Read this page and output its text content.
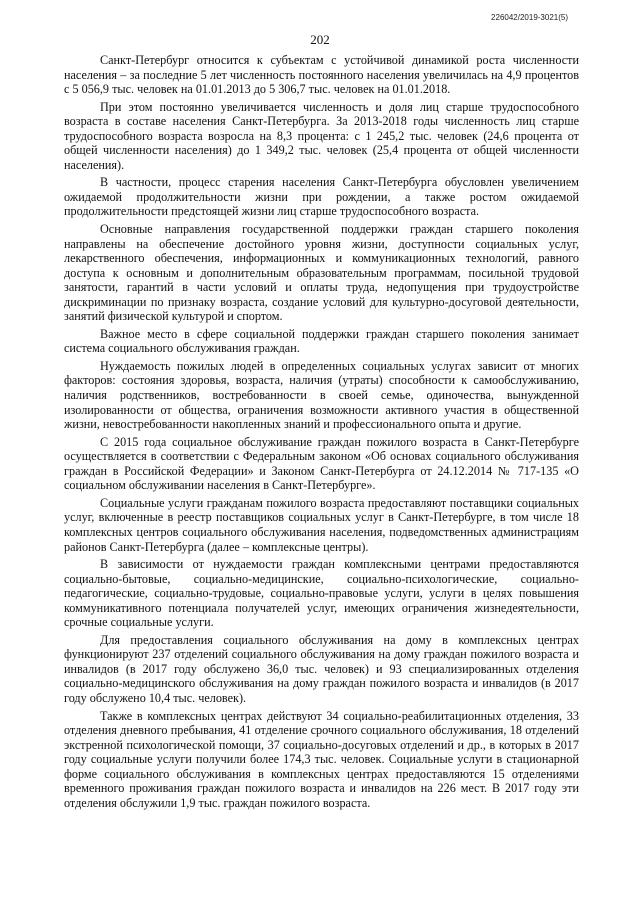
226042/2019-3021(5)
202

Санкт-Петербург относится к субъектам с устойчивой динамикой роста численности населения – за последние 5 лет численность постоянного населения увеличилась на 4,9 процентов с 5 056,9 тыс. человек на 01.01.2013 до 5 306,7 тыс. человек на 01.01.2018.

При этом постоянно увеличивается численность и доля лиц старше трудоспособного возраста в составе населения Санкт-Петербурга. За 2013-2018 годы численность лиц старше трудоспособного возраста возросла на 8,3 процента: с 1 245,2 тыс. человек (24,6 процента от общей численности населения) до 1 349,2 тыс. человек (25,4 процента от общей численности населения).

В частности, процесс старения населения Санкт-Петербурга обусловлен увеличением ожидаемой продолжительности жизни при рождении, а также ростом ожидаемой продолжительности предстоящей жизни лиц старше трудоспособного возраста.

Основные направления государственной поддержки граждан старшего поколения направлены на обеспечение достойного уровня жизни, доступности социальных услуг, лекарственного обеспечения, информационных и коммуникационных технологий, равного доступа к основным и дополнительным образовательным программам, посильной трудовой занятости, гарантий в части условий и оплаты труда, недопущения при трудоустройстве дискриминации по признаку возраста, создание условий для культурно-досуговой деятельности, занятий физической культурой и спортом.

Важное место в сфере социальной поддержки граждан старшего поколения занимает система социального обслуживания граждан.

Нуждаемость пожилых людей в определенных социальных услугах зависит от многих факторов: состояния здоровья, возраста, наличия (утраты) способности к самообслуживанию, наличия родственников, востребованности в своей семье, одиночества, вынужденной изолированности от общества, ограничения возможности активного участия в общественной жизни, невостребованности накопленных знаний и профессионального опыта и другие.

С 2015 года социальное обслуживание граждан пожилого возраста в Санкт-Петербурге осуществляется в соответствии с Федеральным законом «Об основах социального обслуживания граждан в Российской Федерации» и Законом Санкт-Петербурга от 24.12.2014 № 717-135 «О социальном обслуживании населения в Санкт-Петербурге».

Социальные услуги гражданам пожилого возраста предоставляют поставщики социальных услуг, включенные в реестр поставщиков социальных услуг в Санкт-Петербурге, в том числе 18 комплексных центров социального обслуживания населения, подведомственных администрациям районов Санкт-Петербурга (далее – комплексные центры).

В зависимости от нуждаемости граждан комплексными центрами предоставляются социально-бытовые, социально-медицинские, социально-психологические, социально-педагогические, социально-трудовые, социально-правовые услуги, услуги в целях повышения коммуникативного потенциала получателей услуг, имеющих ограничения жизнедеятельности, срочные социальные услуги.

Для предоставления социального обслуживания на дому в комплексных центрах функционируют 237 отделений социального обслуживания на дому граждан пожилого возраста и инвалидов (в 2017 году обслужено 36,0 тыс. человек) и 93 специализированных отделения социально-медицинского обслуживания на дому граждан пожилого возраста и инвалидов (в 2017 году обслужено 10,4 тыс. человек).

Также в комплексных центрах действуют 34 социально-реабилитационных отделения, 33 отделения дневного пребывания, 41 отделение срочного социального обслуживания, 18 отделений экстренной психологической помощи, 37 социально-досуговых отделений и др., в которых в 2017 году социальные услуги получили более 174,3 тыс. человек. Социальные услуги в стационарной форме социального обслуживания в комплексных центрах предоставляются 15 отделениями временного проживания граждан пожилого возраста и инвалидов на 226 мест. В 2017 году эти отделения обслужили 1,9 тыс. граждан пожилого возраста.
